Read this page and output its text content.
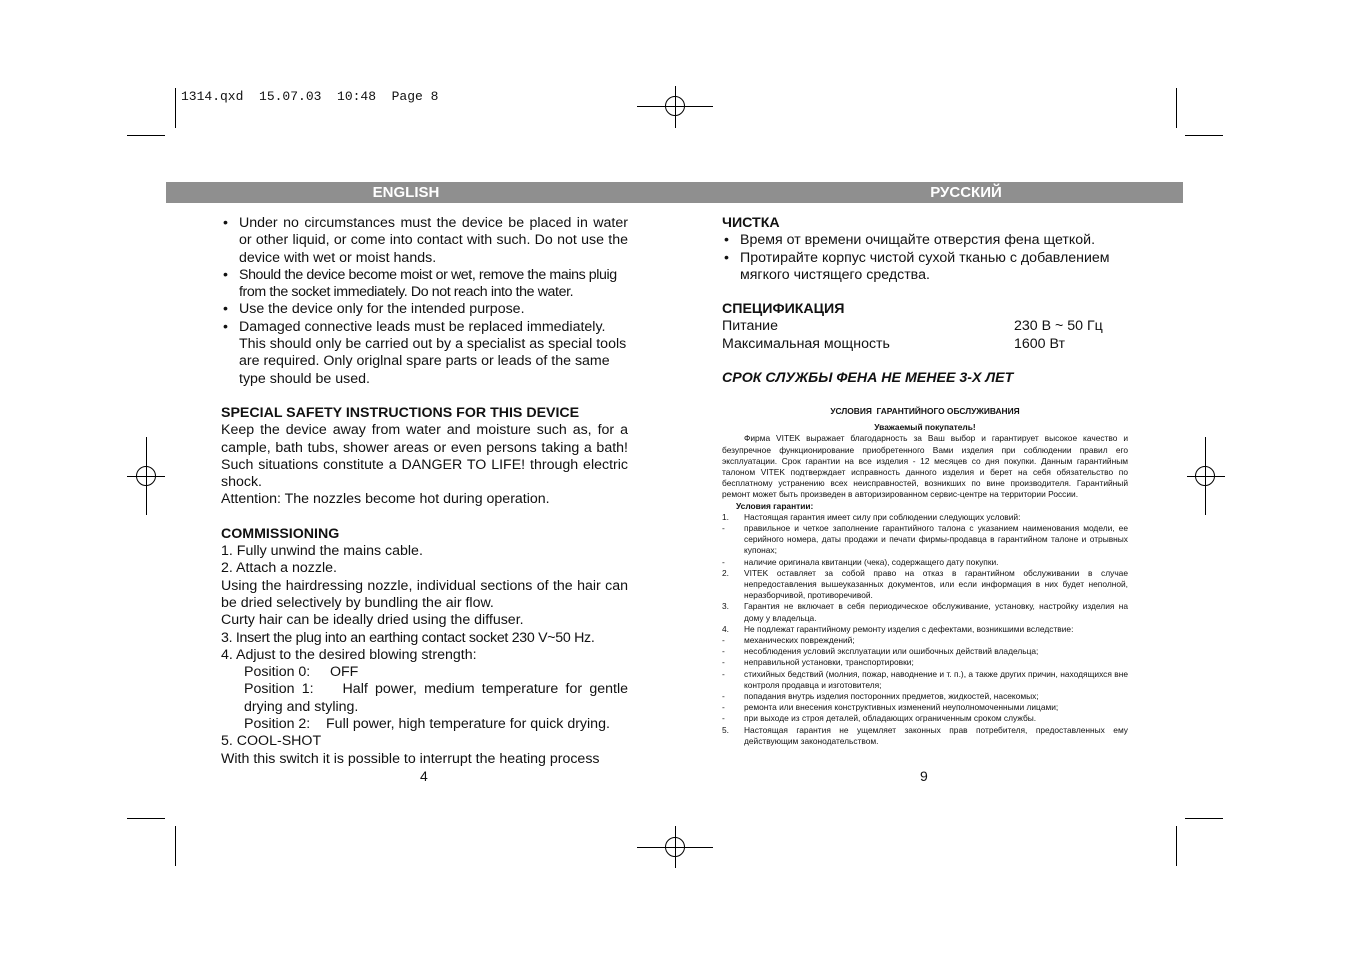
1314.qxd  15.07.03  10:48  Page 8
ENGLISH	РУССКИЙ
• Under no circumstances must the device be placed in water or other liquid, or come into contact with such. Do not use the device with wet or moist hands.
• Should the device become moist or wet, remove the mains pluig from the socket immediately. Do not reach into the water.
• Use the device only for the intended purpose.
• Damaged connective leads must be replaced immediately. This should only be carried out by a specialist as special tools are required. Only origlnal spare parts or leads of the same type should be used.

SPECIAL SAFETY INSTRUCTIONS FOR THIS DEVICE

Keep the device away from water and moisture such as, for a cample, bath tubs, shower areas or even persons taking a bath! Such situations constitute a DANGER TO LIFE! through electric shock.

Attention: The nozzles become hot during operation.

COMMISSIONING

1. Fully unwind the mains cable.

2. Attach a nozzle.

Using the hairdressing nozzle, individual sections of the hair can be dried selectively by bundling the air flow.

Curty hair can be ideally dried using the diffuser.

3. Insert the plug into an earthing contact socket 230 V~50 Hz.

4. Adjust to the desired blowing strength:

Position 0:     OFF

Position 1:    Half power, medium temperature for gentle drying and styling.

Position 2:    Full power, high temperature for quick drying.

5. COOL-SHOT

With this switch it is possible to interrupt the heating process

4

ЧИСТКА

• Время от времени очищайте отверстия фена щеткой.
• Протирайте корпус чистой сухой тканью с добавлением мягкого чистящего средства.

СПЕЦИФИКАЦИЯ

Питание	230 В ~ 50 Гц
Максимальная мощность	1600 Вт

СРОК СЛУЖБЫ ФЕНА НЕ МЕНЕЕ 3-Х ЛЕТ

УСЛОВИЯ  ГАРАНТИЙНОГО ОБСЛУЖИВАНИЯ
Уважаемый покупатель!
Фирма VITEK выражает благодарность за Ваш выбор и гарантирует высокое качество и безупречное функционирование приобретенного Вами изделия при соблюдении правил его эксплуатации. Срок гарантии на все изделия - 12 месяцев со дня покупки. Данным гарантийным талоном VITEK подтверждает исправность данного изделия и берет на себя обязательство по бесплатному устранению всех неисправностей, возникших по вине производителя. Гарантийный ремонт может быть произведен в авторизированном сервис-центре на территории России.
Условия гарантии:
1.	Настоящая гарантия имеет силу при соблюдении следующих условий:
-	правильное и четкое заполнение гарантийного талона с указанием наименования модели, ее серийного номера, даты продажи и печати фирмы-продавца в гарантийном талоне и отрывных купонах;
-	наличие оригинала квитанции (чека), содержащего дату покупки.
2.	VITEK оставляет за собой право на отказ в гарантийном обслуживании в случае непредоставления вышеуказанных документов, или если информация в них будет неполной, неразборчивой, противоречивой.
3.	Гарантия не включает в себя периодическое обслуживание, установку, настройку изделия на дому у владельца.
4.	Не подлежат гарантийному ремонту изделия с дефектами, возникшими вследствие:
-	механических повреждений;
-	несоблюдения условий эксплуатации или ошибочных действий владельца;
-	неправильной установки, транспортировки;
-	стихийных бедствий (молния, пожар, наводнение и т. п.), а также других причин, находящихся вне контроля продавца и изготовителя;
-	попадания внутрь изделия посторонних предметов, жидкостей, насекомых;
-	ремонта или внесения конструктивных изменений неуполномоченными лицами;
-	при выходе из строя деталей, обладающих ограниченным сроком службы.
5.	Настоящая гарантия не ущемляет законных прав потребителя, предоставленных ему действующим законодательством.
9
